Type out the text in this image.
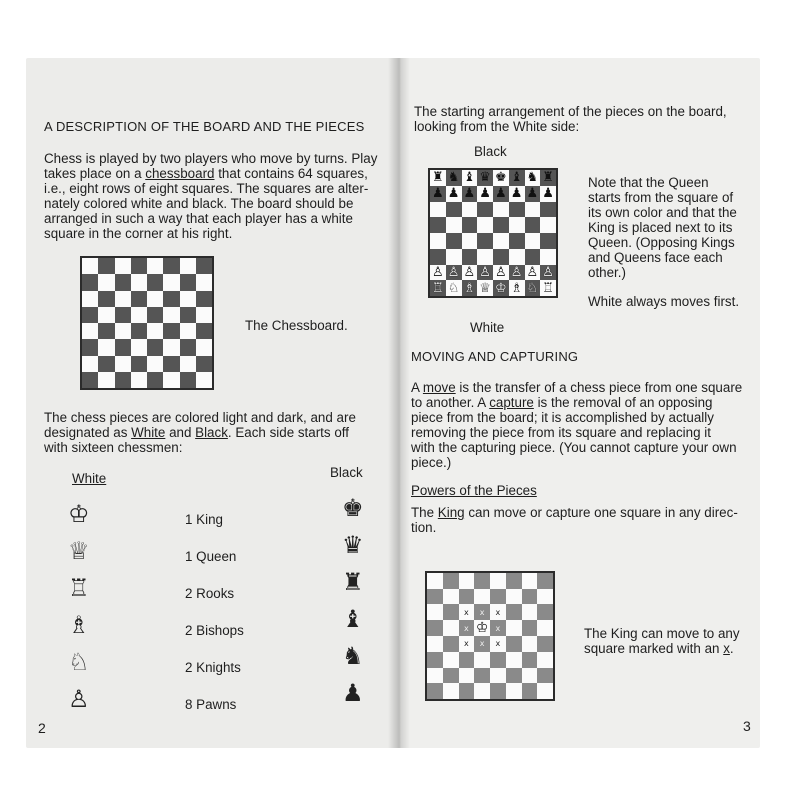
A DESCRIPTION OF THE BOARD AND THE PIECES
Chess is played by two players who move by turns. Play
takes place on a chessboard that contains 64 squares,
i.e., eight rows of eight squares. The squares are alter-
nately colored white and black. The board should be
arranged in such a way that each player has a white
square in the corner at his right.
The Chessboard.
The chess pieces are colored light and dark, and are
designated as White and Black. Each side starts off
with sixteen chessmen:
White	Black
♔	1 King	♚
♕	1 Queen	♛
♖	2 Rooks	♜
♗	2 Bishops	♝
♘	2 Knights	♞
♙	8 Pawns	♟
2
The starting arrangement of the pieces on the board,
looking from the White side:
Black
♜ ♞ ♝ ♛ ♚ ♝ ♞ ♜
♟ ♟ ♟ ♟ ♟ ♟ ♟ ♟
♙ ♙ ♙ ♙ ♙ ♙ ♙ ♙
♖ ♘ ♗ ♕ ♔ ♗ ♘ ♖
Note that the Queen
starts from the square of
its own color and that the
King is placed next to its
Queen. (Opposing Kings
and Queens face each
other.)
White always moves first.
White
MOVING AND CAPTURING
A move is the transfer of a chess piece from one square
to another. A capture is the removal of an opposing
piece from the board; it is accomplished by actually
removing the piece from its square and replacing it
with the capturing piece. (You cannot capture your own
piece.)
Powers of the Pieces
The King can move or capture one square in any direc-
tion.
x x x
x ♔ x
x x x
The King can move to any
square marked with an x.
3
